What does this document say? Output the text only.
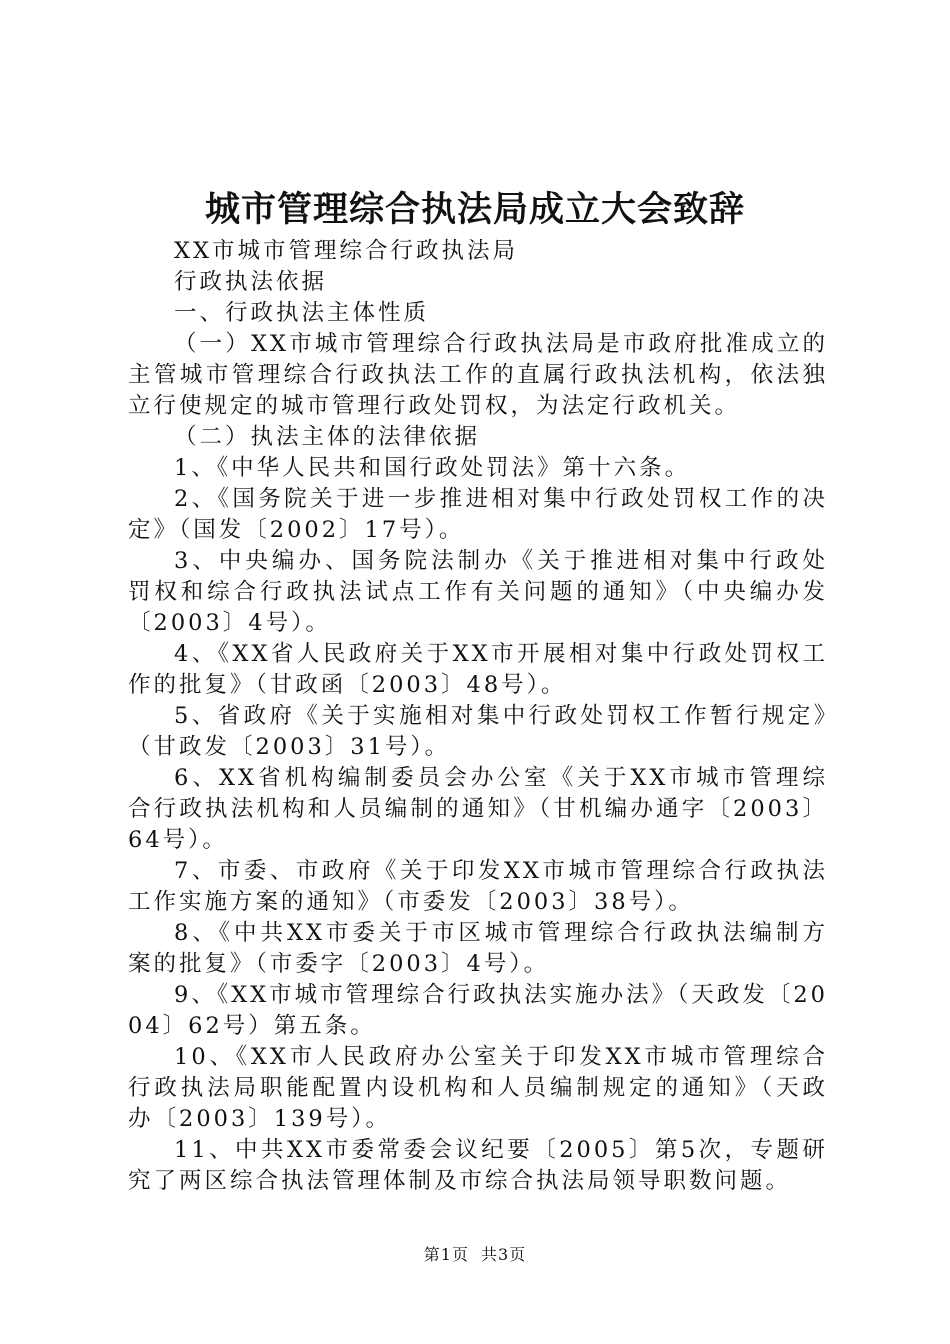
城市管理综合执法局成立大会致辞

XX市城市管理综合行政执法局

行政执法依据

一、行政执法主体性质

（一）XX市城市管理综合行政执法局是市政府批准成立的主管城市管理综合行政执法工作的直属行政执法机构，依法独立行使规定的城市管理行政处罚权，为法定行政机关。

（二）执法主体的法律依据

1、《中华人民共和国行政处罚法》第十六条。

2、《国务院关于进一步推进相对集中行政处罚权工作的决定》（国发〔2002〕17号）。

3、中央编办、国务院法制办《关于推进相对集中行政处罚权和综合行政执法试点工作有关问题的通知》（中央编办发〔2003〕4号）。

4、《XX省人民政府关于XX市开展相对集中行政处罚权工作的批复》（甘政函〔2003〕48号）。

5、省政府《关于实施相对集中行政处罚权工作暂行规定》（甘政发〔2003〕31号）。

6、XX省机构编制委员会办公室《关于XX市城市管理综合行政执法机构和人员编制的通知》（甘机编办通字〔2003〕64号）。

7、市委、市政府《关于印发XX市城市管理综合行政执法工作实施方案的通知》（市委发〔2003〕38号）。

8、《中共XX市委关于市区城市管理综合行政执法编制方案的批复》（市委字〔2003〕4号）。

9、《XX市城市管理综合行政执法实施办法》（天政发〔2004〕62号）第五条。

10、《XX市人民政府办公室关于印发XX市城市管理综合行政执法局职能配置内设机构和人员编制规定的通知》（天政办〔2003〕139号）。

11、中共XX市委常委会议纪要〔2005〕第5次，专题研究了两区综合执法管理体制及市综合执法局领导职数问题。

第1页 共3页
